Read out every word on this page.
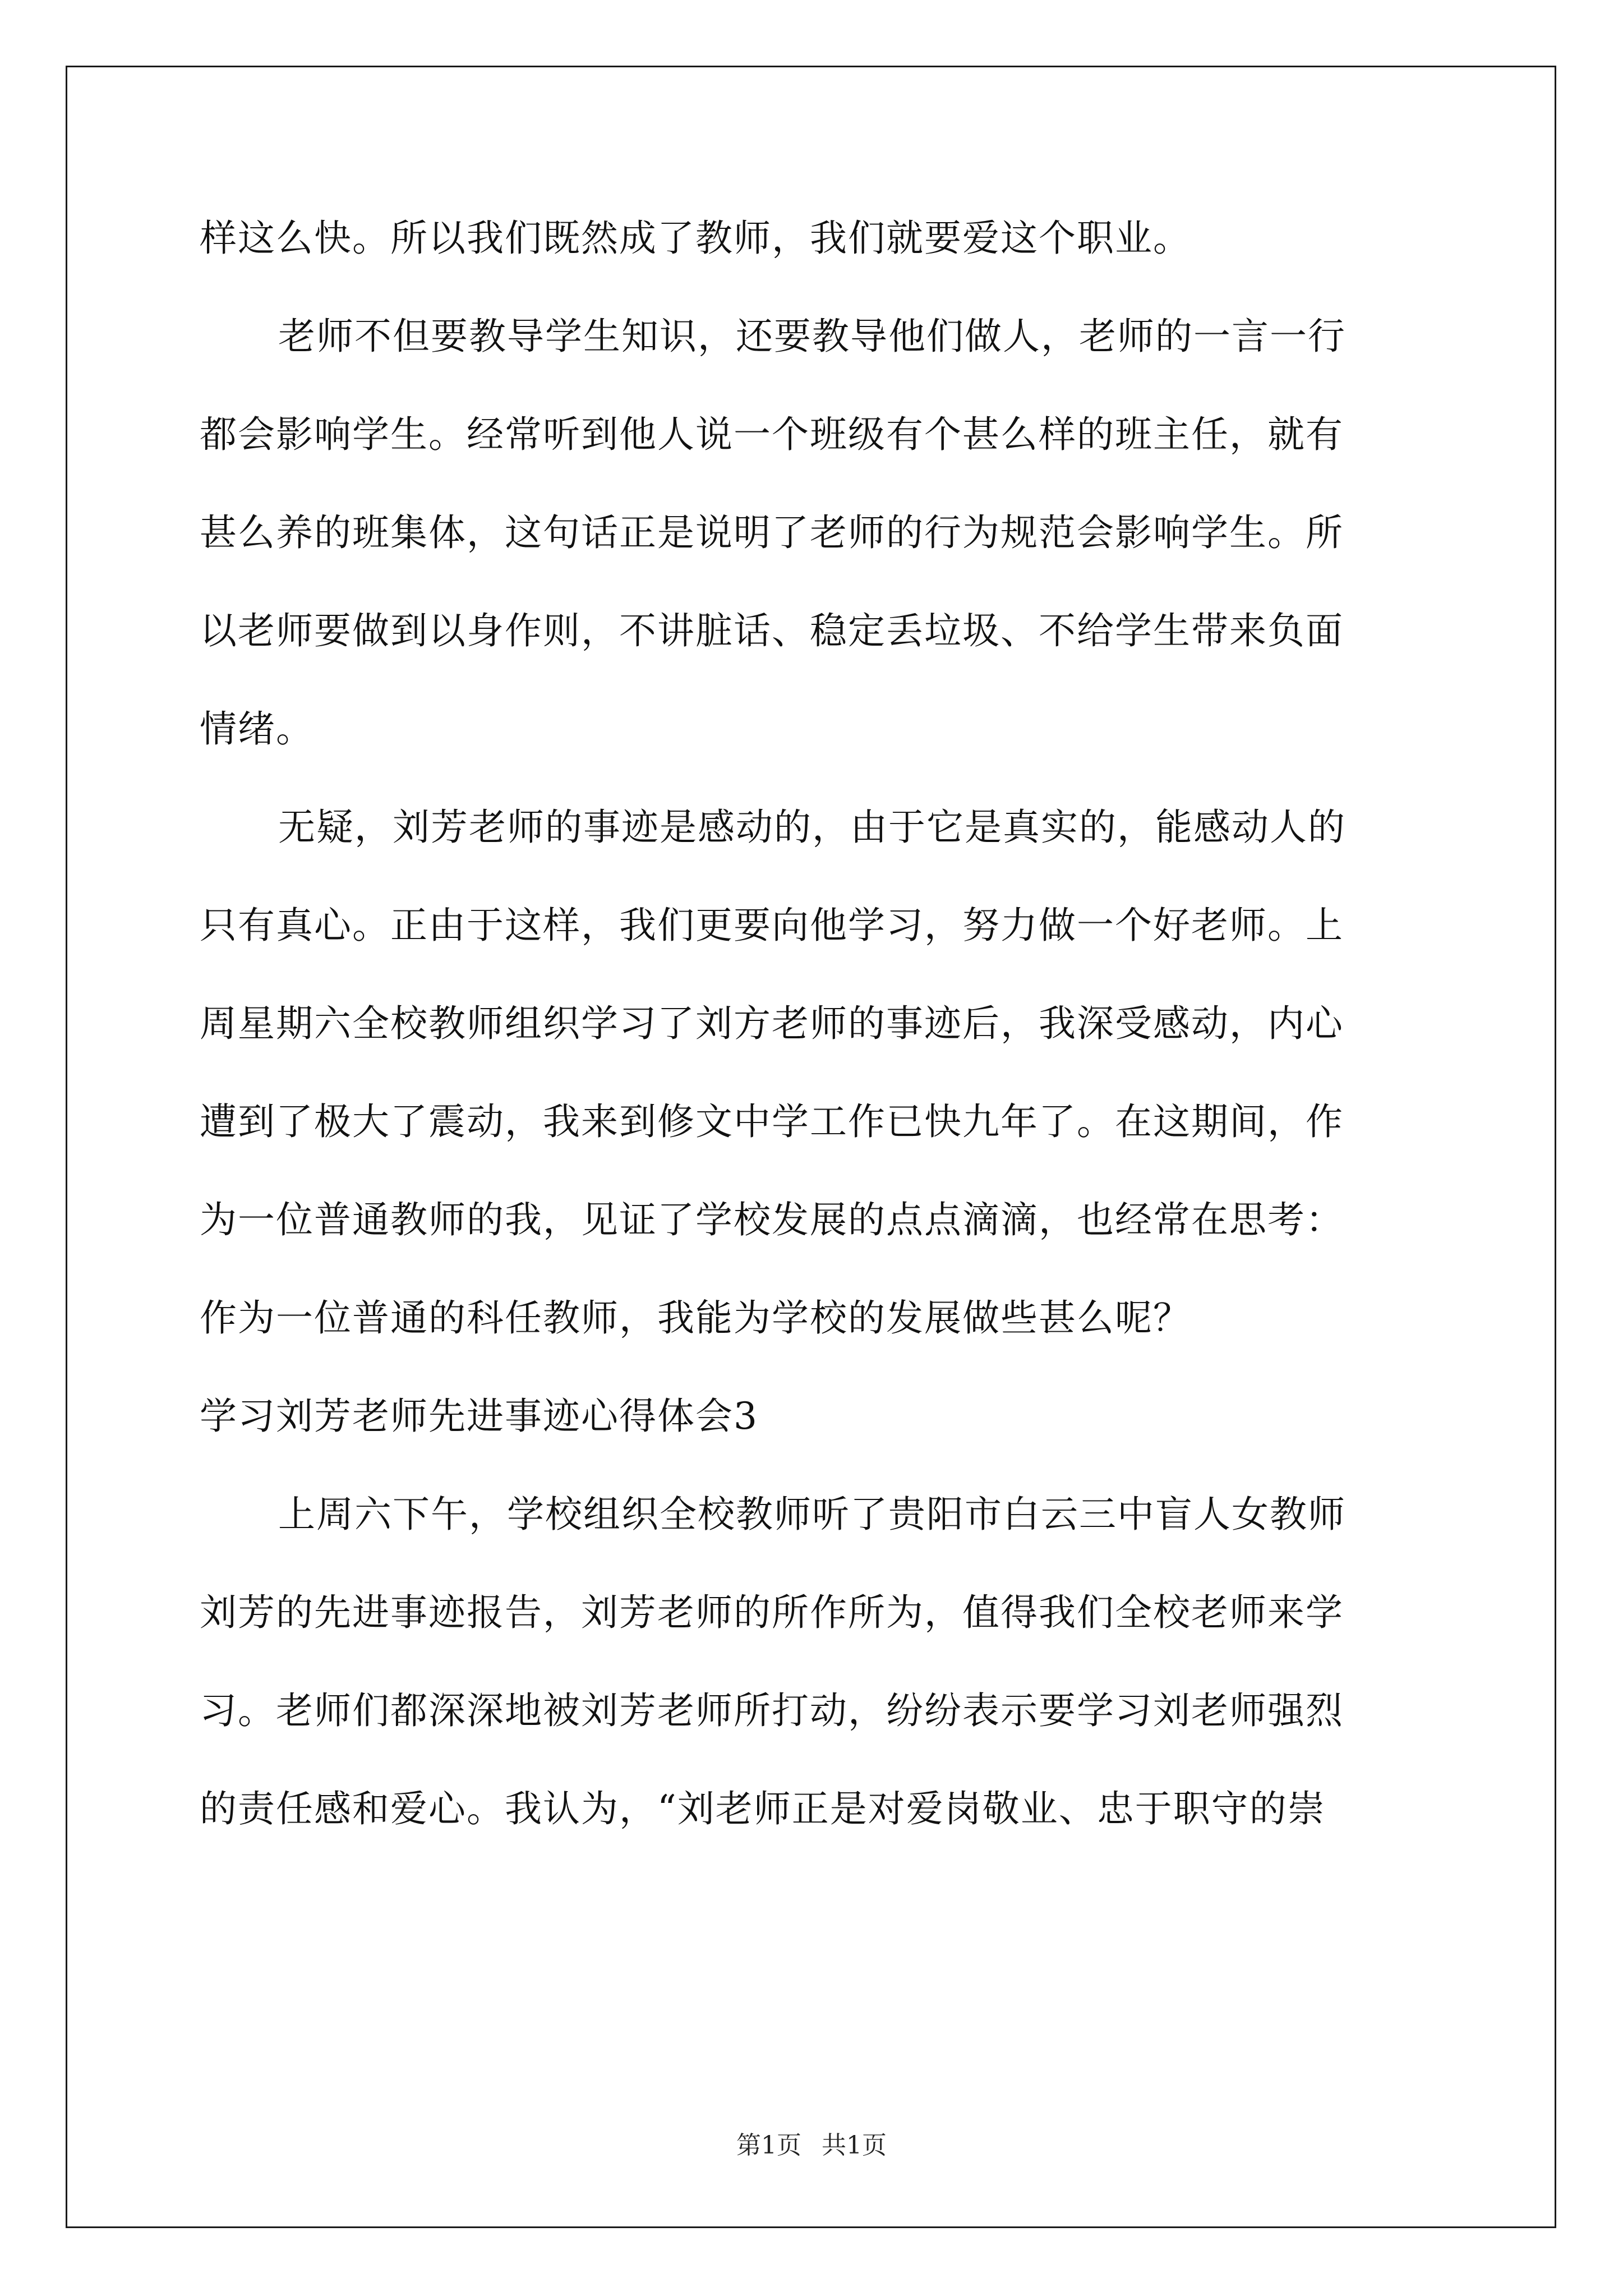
样这么快。所以我们既然成了教师，我们就要爱这个职业。
老师不但要教导学生知识，还要教导他们做人，老师的一言一行
都会影响学生。经常听到他人说一个班级有个甚么样的班主任，就有
甚么养的班集体，这句话正是说明了老师的行为规范会影响学生。所
以老师要做到以身作则，不讲脏话、稳定丢垃圾、不给学生带来负面
情绪。
无疑，刘芳老师的事迹是感动的，由于它是真实的，能感动人的
只有真心。正由于这样，我们更要向他学习，努力做一个好老师。上
周星期六全校教师组织学习了刘方老师的事迹后，我深受感动，内心
遭到了极大了震动，我来到修文中学工作已快九年了。在这期间，作
为一位普通教师的我，见证了学校发展的点点滴滴，也经常在思考：
作为一位普通的科任教师，我能为学校的发展做些甚么呢？
学习刘芳老师先进事迹心得体会3
上周六下午，学校组织全校教师听了贵阳市白云三中盲人女教师
刘芳的先进事迹报告，刘芳老师的所作所为，值得我们全校老师来学
习。老师们都深深地被刘芳老师所打动，纷纷表示要学习刘老师强烈
的责任感和爱心。我认为，“刘老师正是对爱岗敬业、忠于职守的崇
第1页 共1页
